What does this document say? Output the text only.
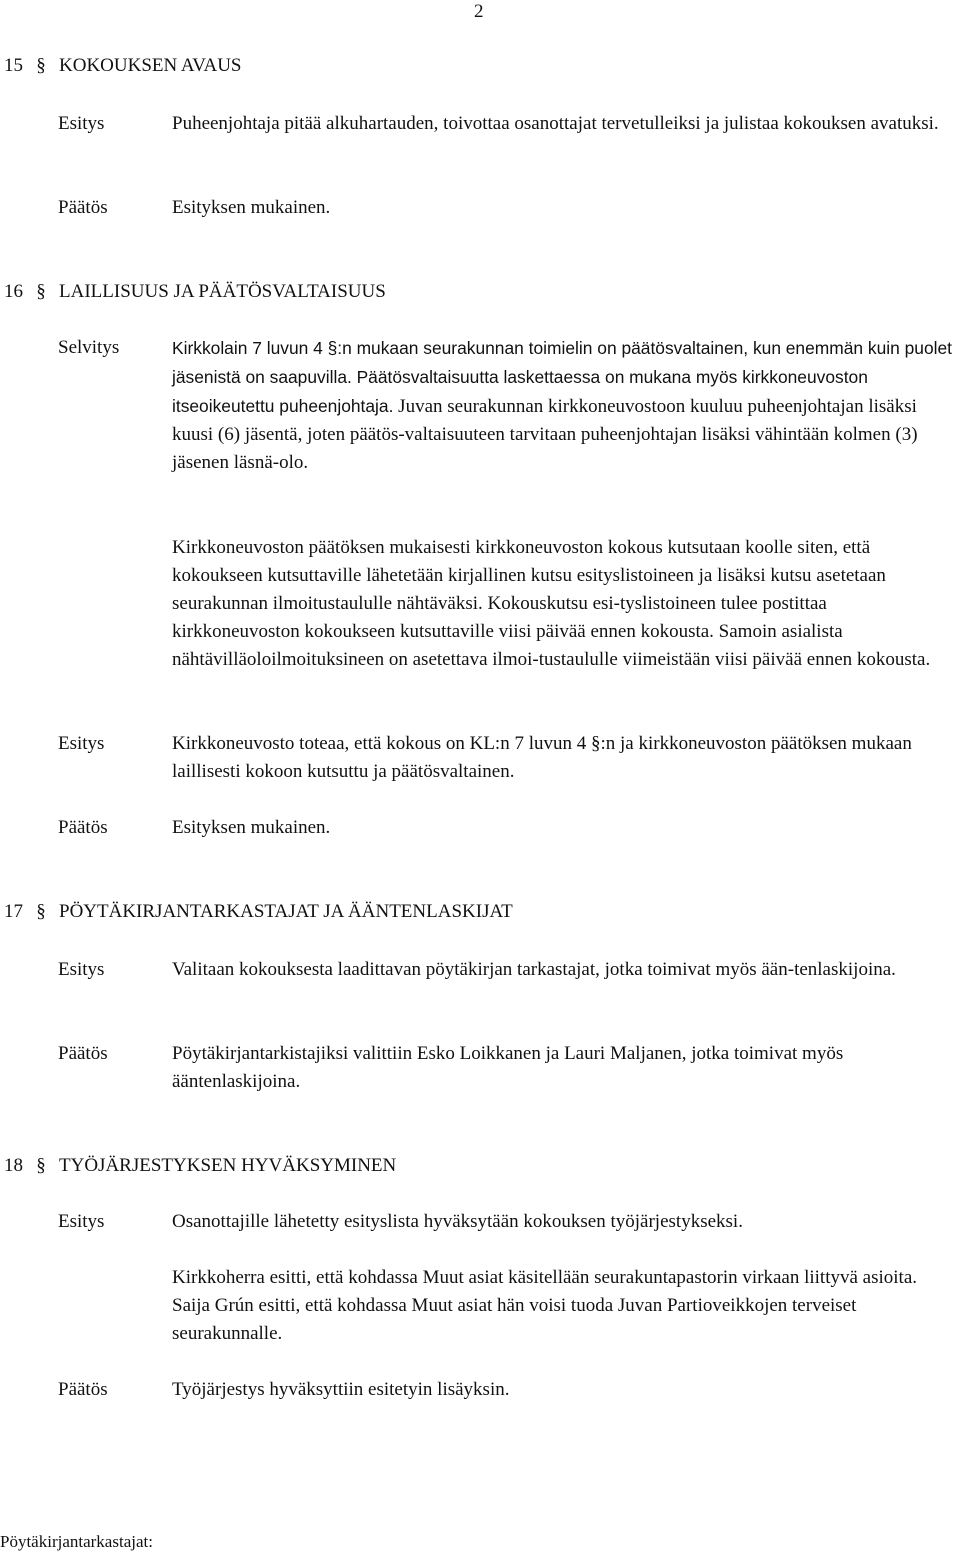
2
15 § KOKOUKSEN AVAUS
Esitys	Puheenjohtaja pitää alkuhartauden, toivottaa osanottajat tervetulleiksi ja julistaa kokouksen avatuksi.
Päätös	Esityksen mukainen.
16 § LAILLISUUS JA PÄÄTÖSVALTAISUUS
Selvitys	Kirkkolain 7 luvun 4 §:n mukaan seurakunnan toimielin on päätösvaltainen, kun enemmän kuin puolet jäsenistä on saapuvilla. Päätösvaltaisuutta laskettaessa on mukana myös kirkkoneuvoston itseoikeutettu puheenjohtaja. Juvan seurakunnan kirkkoneuvostoon kuuluu puheenjohtajan lisäksi kuusi (6) jäsentä, joten päätös-valtaisuuteen tarvitaan puheenjohtajan lisäksi vähintään kolmen (3) jäsenen läsnä-olo.
Kirkkoneuvoston päätöksen mukaisesti kirkkoneuvoston kokous kutsutaan koolle siten, että kokoukseen kutsuttaville lähetetään kirjallinen kutsu esityslistoineen ja lisäksi kutsu asetetaan seurakunnan ilmoitustaululle nähtäväksi. Kokouskutsu esi-tyslistoineen tulee postittaa kirkkoneuvoston kokoukseen kutsuttaville viisi päivää ennen kokousta. Samoin asialista nähtävilläoloilmoituksineen on asetettava ilmoi-tustaululle viimeistään viisi päivää ennen kokousta.
Esitys	Kirkkoneuvosto toteaa, että kokous on KL:n 7 luvun 4 §:n ja kirkkoneuvoston päätöksen mukaan laillisesti kokoon kutsuttu ja päätösvaltainen.
Päätös	Esityksen mukainen.
17 § PÖYTÄKIRJANTARKASTAJAT JA ÄÄNTENLASKIJAT
Esitys	Valitaan kokouksesta laadittavan pöytäkirjan tarkastajat, jotka toimivat myös ään-tenlaskijoina.
Päätös	Pöytäkirjantarkistajiksi valittiin Esko Loikkanen ja Lauri Maljanen, jotka toimivat myös ääntenlaskijoina.
18 § TYÖJÄRJESTYKSEN HYVÄKSYMINEN
Esitys	Osanottajille lähetetty esityslista hyväksytään kokouksen työjärjestykseksi.
Kirkkoherra esitti, että kohdassa Muut asiat käsitellään seurakuntapastorin virkaan liittyvä asioita. Saija Grún esitti, että kohdassa Muut asiat hän voisi tuoda Juvan Partioveikkojen terveiset seurakunnalle.
Päätös	Työjärjestys hyväksyttiin esitetyin lisäyksin.
Pöytäkirjantarkastajat:
